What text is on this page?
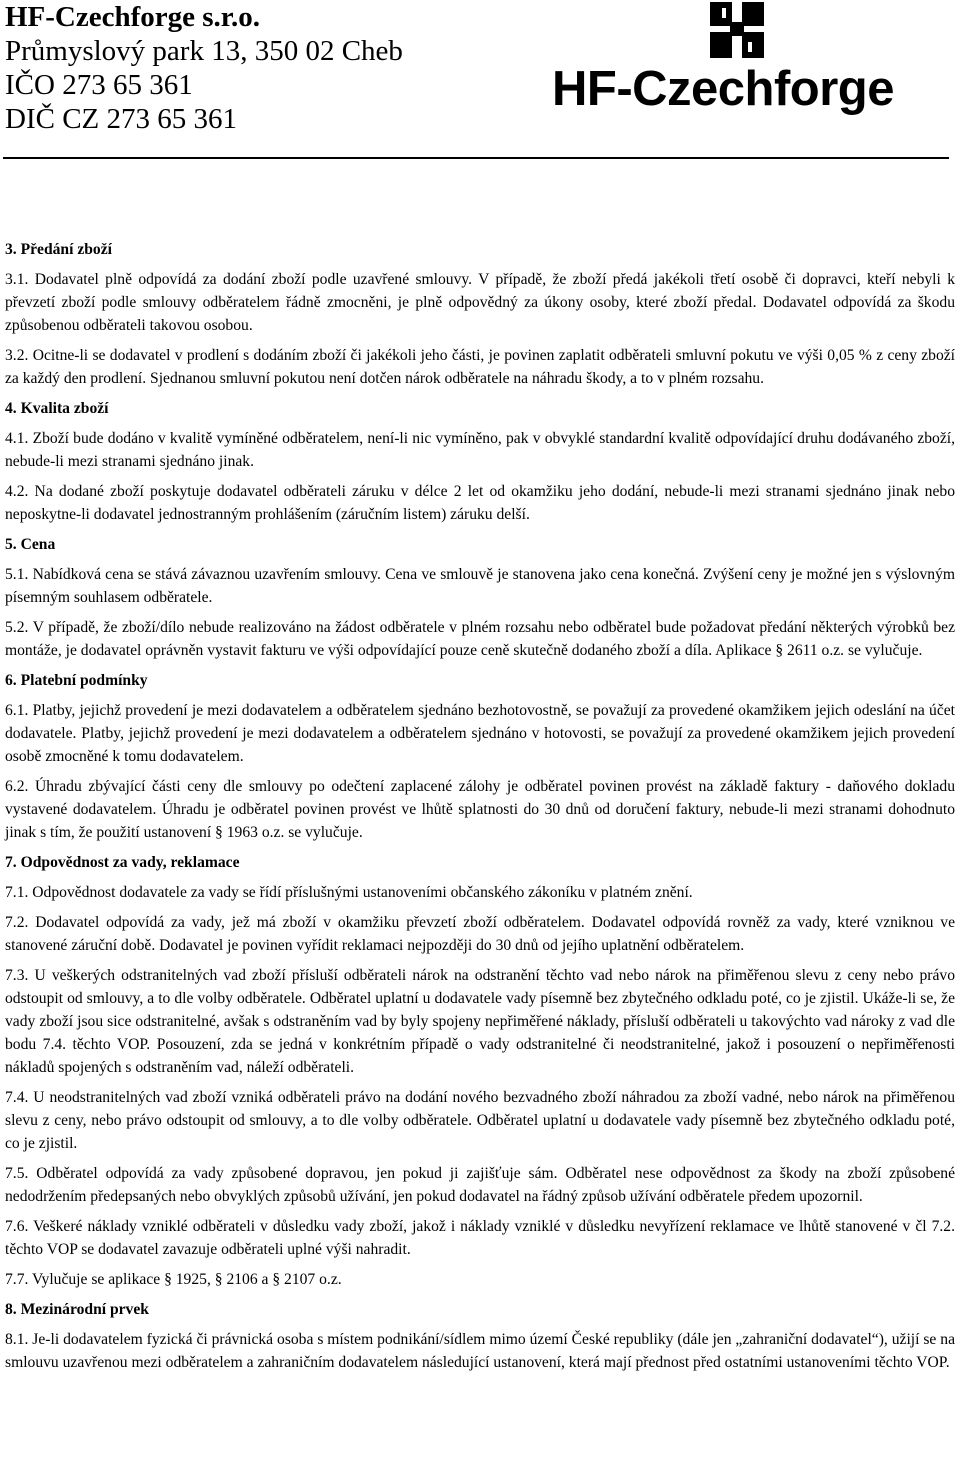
HF-Czechforge s.r.o.
Průmyslový park 13, 350 02 Cheb
IČO 273 65 361
DIČ CZ 273 65 361
HF-Czechforge
3. Předání zboží

3.1. Dodavatel plně odpovídá za dodání zboží podle uzavřené smlouvy. V případě, že zboží předá jakékoli třetí osobě či dopravci, kteří nebyli k převzetí zboží podle smlouvy odběratelem řádně zmocněni, je plně odpovědný za úkony osoby, které zboží předal. Dodavatel odpovídá za škodu způsobenou odběrateli takovou osobou.

3.2. Ocitne-li se dodavatel v prodlení s dodáním zboží či jakékoli jeho části, je povinen zaplatit odběrateli smluvní pokutu ve výši 0,05 % z ceny zboží za každý den prodlení. Sjednanou smluvní pokutou není dotčen nárok odběratele na náhradu škody, a to v plném rozsahu.

4. Kvalita zboží

4.1. Zboží bude dodáno v kvalitě vymíněné odběratelem, není-li nic vymíněno, pak v obvyklé standardní kvalitě odpovídající druhu dodávaného zboží, nebude-li mezi stranami sjednáno jinak.

4.2. Na dodané zboží poskytuje dodavatel odběrateli záruku v délce 2 let od okamžiku jeho dodání, nebude-li mezi stranami sjednáno jinak nebo neposkytne-li dodavatel jednostranným prohlášením (záručním listem) záruku delší.

5. Cena

5.1. Nabídková cena se stává závaznou uzavřením smlouvy. Cena ve smlouvě je stanovena jako cena konečná. Zvýšení ceny je možné jen s výslovným písemným souhlasem odběratele.

5.2. V případě, že zboží/dílo nebude realizováno na žádost odběratele v plném rozsahu nebo odběratel bude požadovat předání některých výrobků bez montáže, je dodavatel oprávněn vystavit fakturu ve výši odpovídající pouze ceně skutečně dodaného zboží a díla. Aplikace § 2611 o.z. se vylučuje.

6. Platební podmínky

6.1. Platby, jejichž provedení je mezi dodavatelem a odběratelem sjednáno bezhotovostně, se považují za provedené okamžikem jejich odeslání na účet dodavatele. Platby, jejichž provedení je mezi dodavatelem a odběratelem sjednáno v hotovosti, se považují za provedené okamžikem jejich provedení osobě zmocněné k tomu dodavatelem.

6.2. Úhradu zbývající části ceny dle smlouvy po odečtení zaplacené zálohy je odběratel povinen provést na základě faktury - daňového dokladu vystavené dodavatelem. Úhradu je odběratel povinen provést ve lhůtě splatnosti do 30 dnů od doručení faktury, nebude-li mezi stranami dohodnuto jinak s tím, že použití ustanovení § 1963 o.z. se vylučuje.

7. Odpovědnost za vady, reklamace

7.1. Odpovědnost dodavatele za vady se řídí příslušnými ustanoveními občanského zákoníku v platném znění.

7.2. Dodavatel odpovídá za vady, jež má zboží v okamžiku převzetí zboží odběratelem. Dodavatel odpovídá rovněž za vady, které vzniknou ve stanovené záruční době. Dodavatel je povinen vyřídit reklamaci nejpozději do 30 dnů od jejího uplatnění odběratelem.

7.3. U veškerých odstranitelných vad zboží přísluší odběrateli nárok na odstranění těchto vad nebo nárok na přiměřenou slevu z ceny nebo právo odstoupit od smlouvy, a to dle volby odběratele. Odběratel uplatní u dodavatele vady písemně bez zbytečného odkladu poté, co je zjistil. Ukáže-li se, že vady zboží jsou sice odstranitelné, avšak s odstraněním vad by byly spojeny nepřiměřené náklady, přísluší odběrateli u takovýchto vad nároky z vad dle bodu 7.4. těchto VOP. Posouzení, zda se jedná v konkrétním případě o vady odstranitelné či neodstranitelné, jakož i posouzení o nepřiměřenosti nákladů spojených s odstraněním vad, náleží odběrateli.

7.4. U neodstranitelných vad zboží vzniká odběrateli právo na dodání nového bezvadného zboží náhradou za zboží vadné, nebo nárok na přiměřenou slevu z ceny, nebo právo odstoupit od smlouvy, a to dle volby odběratele. Odběratel uplatní u dodavatele vady písemně bez zbytečného odkladu poté, co je zjistil.

7.5. Odběratel odpovídá za vady způsobené dopravou, jen pokud ji zajišťuje sám. Odběratel nese odpovědnost za škody na zboží způsobené nedodržením předepsaných nebo obvyklých způsobů užívání, jen pokud dodavatel na řádný způsob užívání odběratele předem upozornil.

7.6. Veškeré náklady vzniklé odběrateli v důsledku vady zboží, jakož i náklady vzniklé v důsledku nevyřízení reklamace ve lhůtě stanovené v čl 7.2. těchto VOP se dodavatel zavazuje odběrateli uplné výši nahradit.

7.7. Vylučuje se aplikace § 1925, § 2106 a § 2107 o.z.

8. Mezinárodní prvek

8.1. Je-li dodavatelem fyzická či právnická osoba s místem podnikání/sídlem mimo území České republiky (dále jen „zahraniční dodavatel“), užijí se na smlouvu uzavřenou mezi odběratelem a zahraničním dodavatelem následující ustanovení, která mají přednost před ostatními ustanoveními těchto VOP.
